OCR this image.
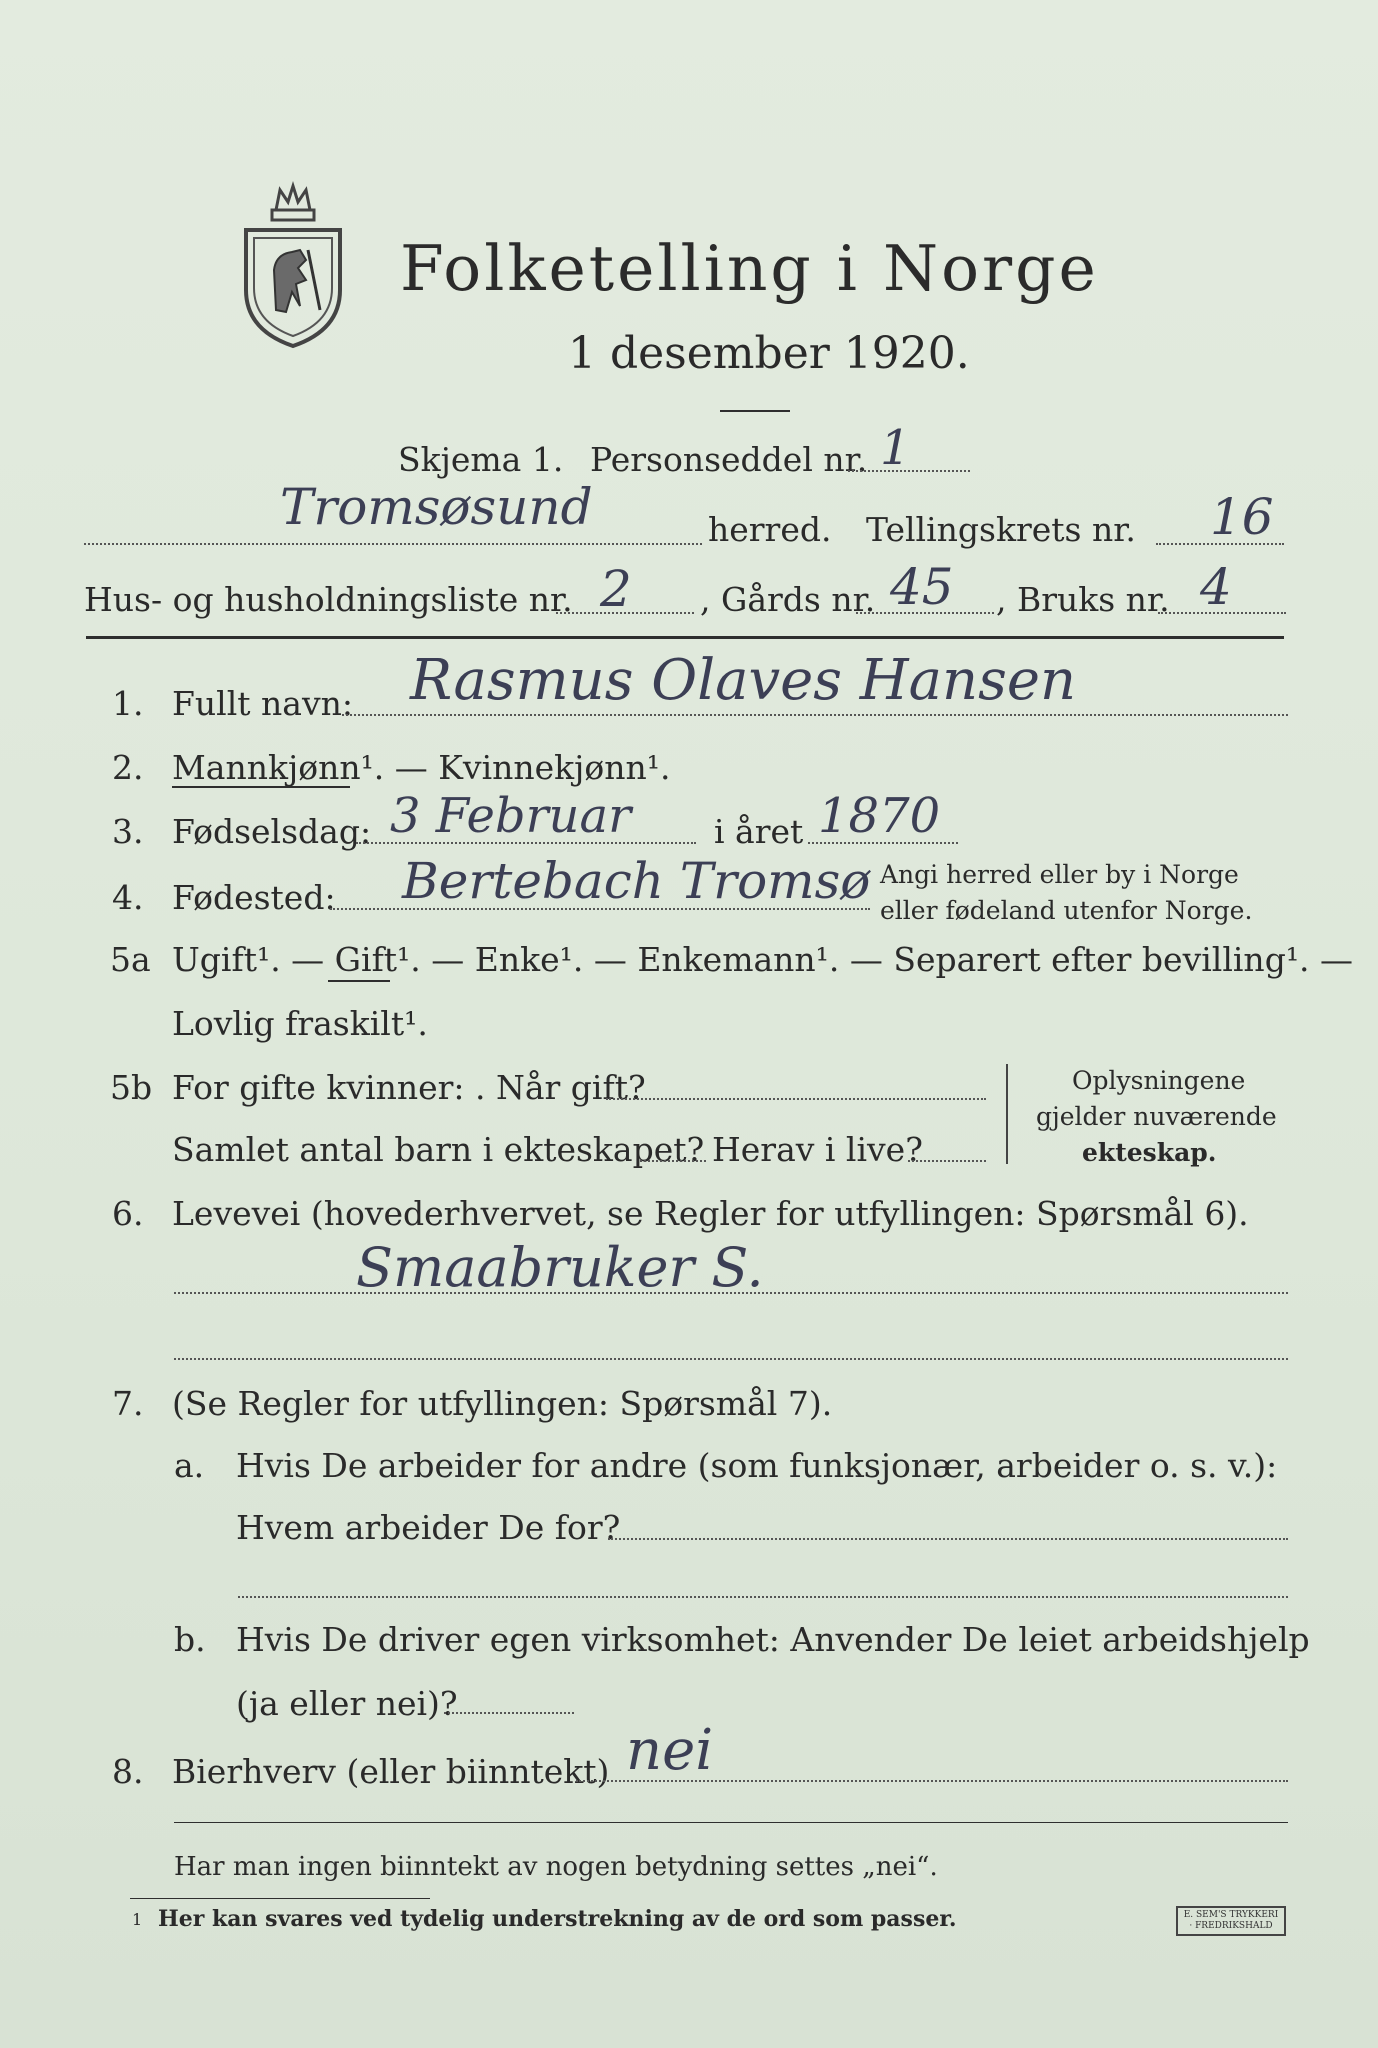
Folketelling i Norge
1 desember 1920.
Skjema 1. Personseddel nr. 1
Tromsøsund	herred. Tellingskrets nr. 16
Hus- og husholdningsliste nr. 2 , Gårds nr. 45 , Bruks nr. 4
1. Fullt navn: Rasmus Olaves Hansen
2. Mannkjønn¹. — Kvinnekjønn¹.
3. Fødselsdag: 3 Februar	i året 1870
4. Fødested: Bertebach Tromsø Angi herred eller by i Norge
eller fødeland utenfor Norge.
5a Ugift¹. — Gift¹. — Enke¹. — Enkemann¹. — Separert efter bevilling¹. —
Lovlig fraskilt¹.
5b For gifte kvinner: . Når gift?
Samlet antal barn i ekteskapet? Herav i live?
Oplysningene
gjelder nuværende
ekteskap.
6. Levevei (hovederhvervet, se Regler for utfyllingen: Spørsmål 6).
Smaabruker S.
7. (Se Regler for utfyllingen: Spørsmål 7).
a. Hvis De arbeider for andre (som funksjonær, arbeider o. s. v.):
Hvem arbeider De for?
b. Hvis De driver egen virksomhet: Anvender De leiet arbeidshjelp
(ja eller nei)?
8. Bierhverv (eller biinntekt) nei
Har man ingen biinntekt av nogen betydning settes „nei“.
1 Her kan svares ved tydelig understrekning av de ord som passer.	E. SEM'S TRYKKERI · FREDRIKSHALD
